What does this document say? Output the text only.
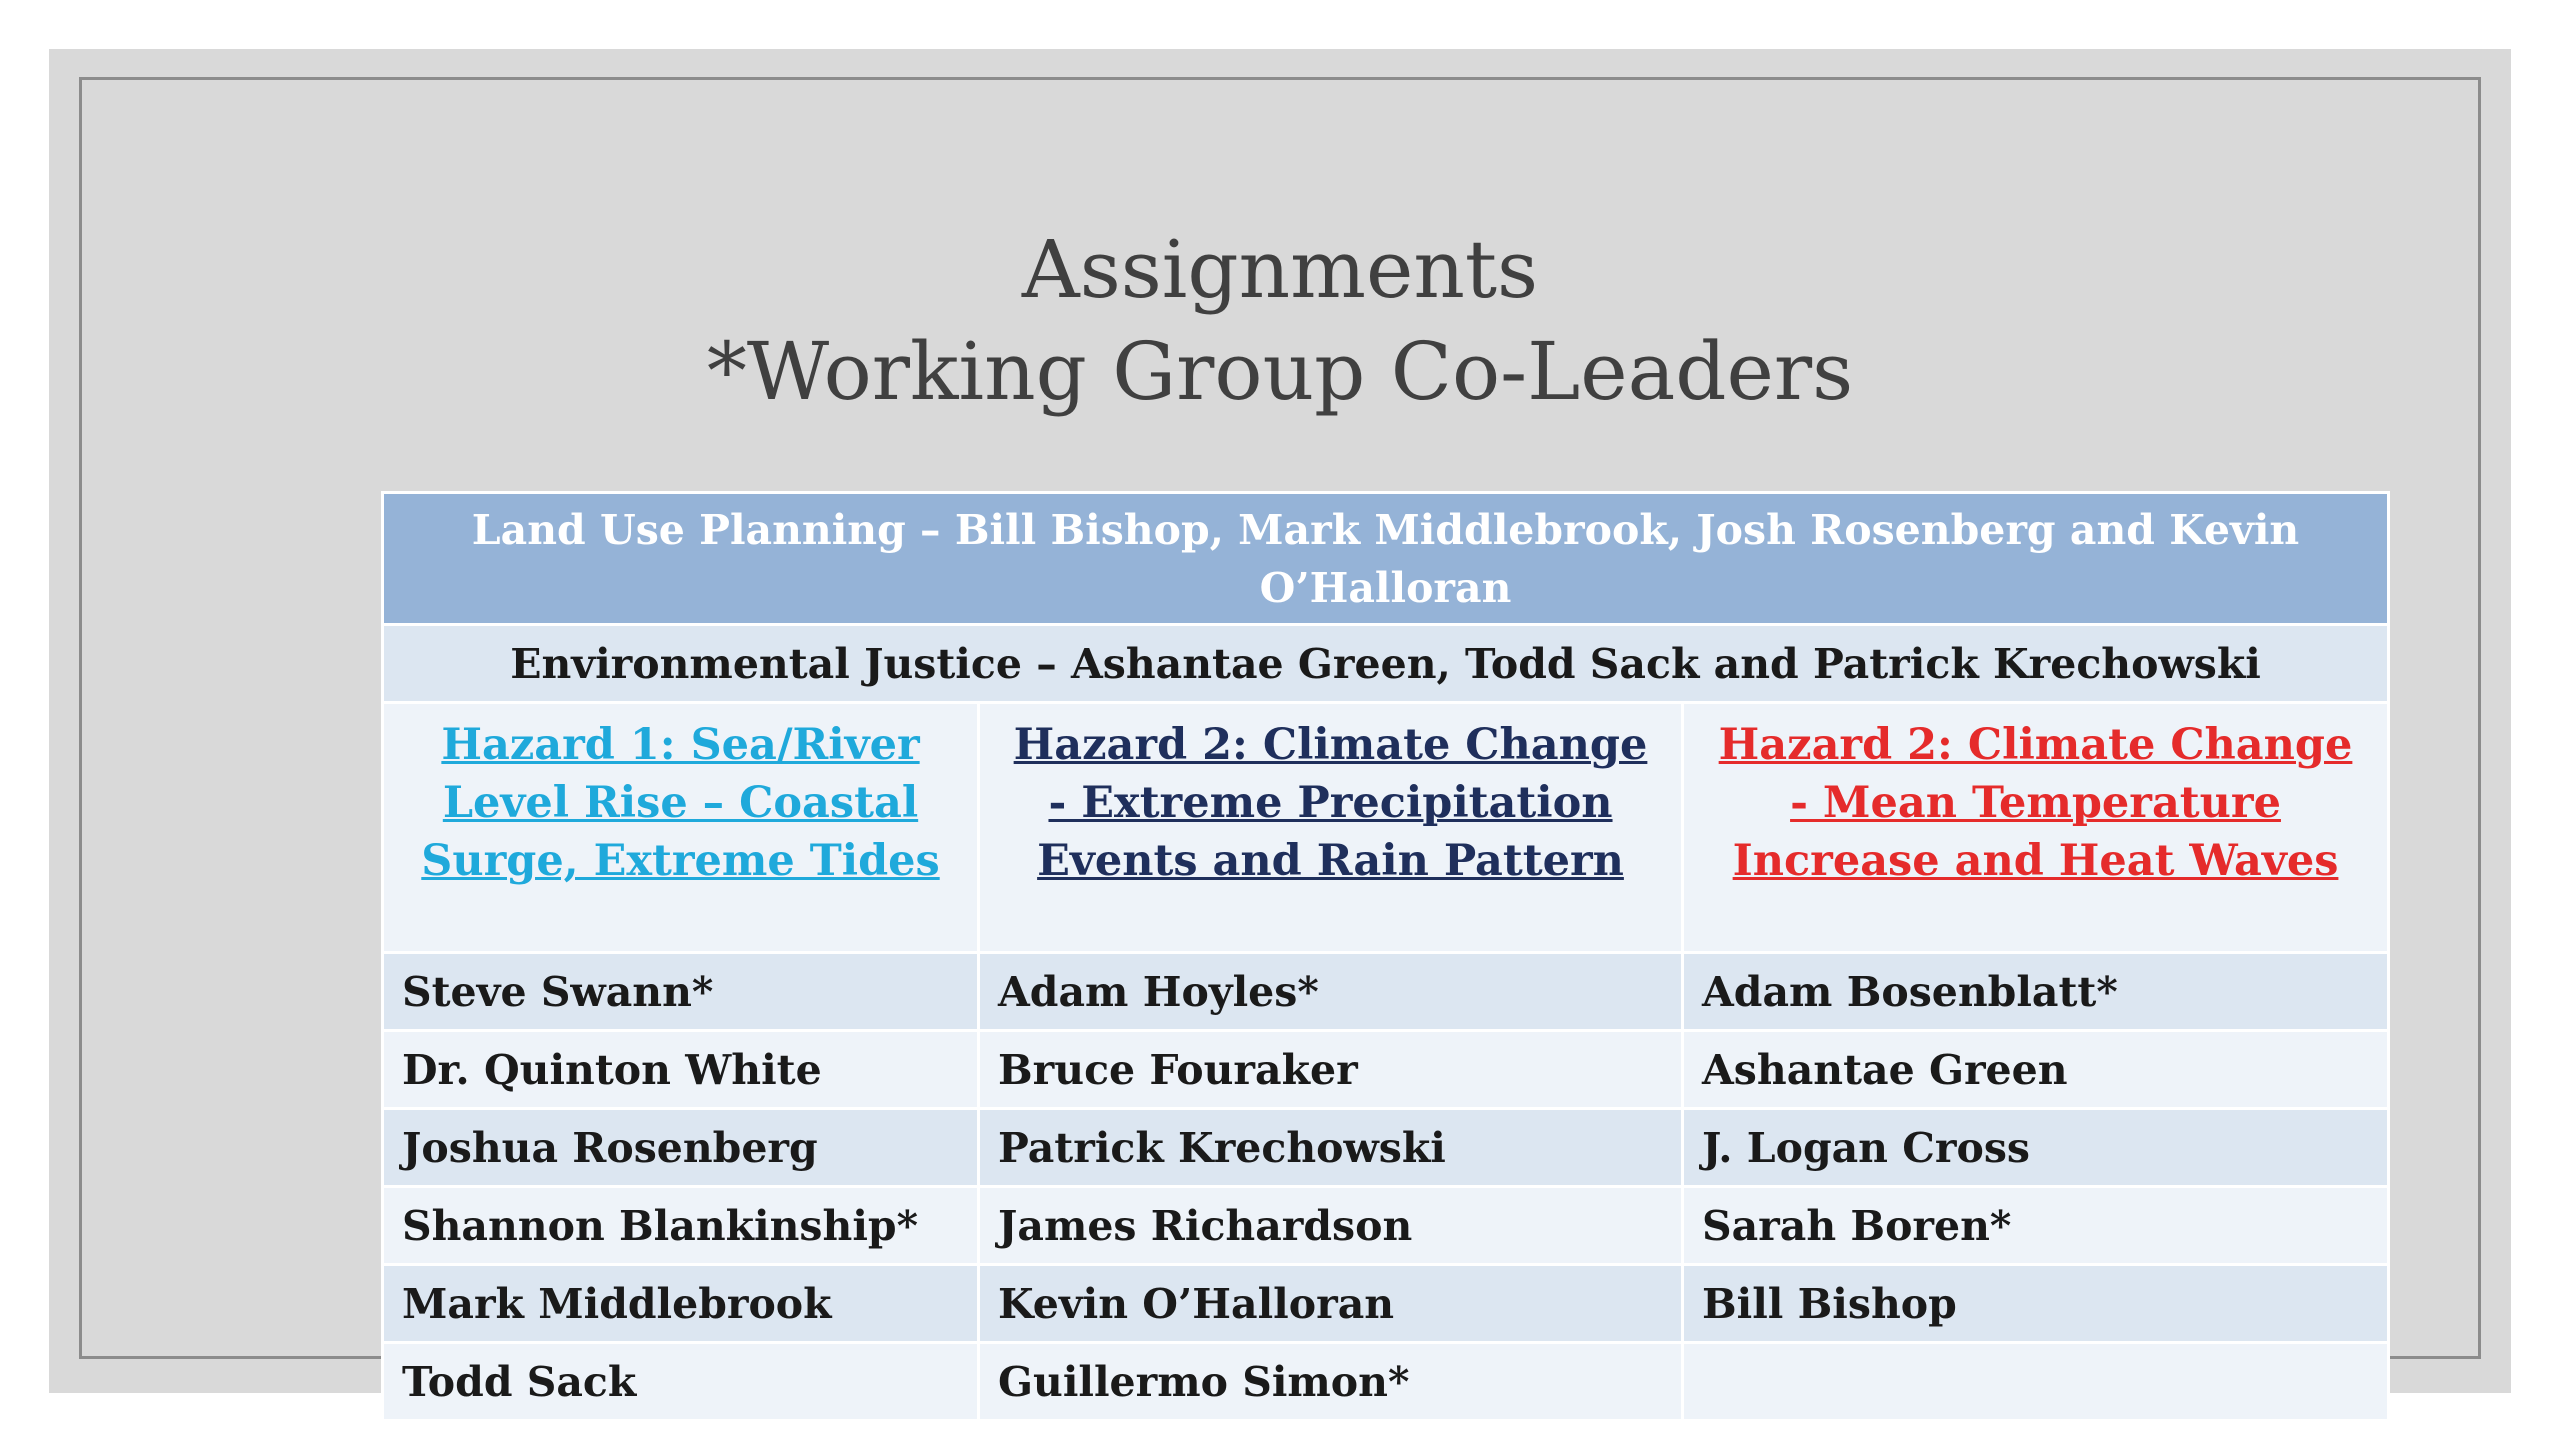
Assignments
*Working Group Co-Leaders
Land Use Planning – Bill Bishop, Mark Middlebrook, Josh Rosenberg and Kevin O’Halloran		
Environmental Justice – Ashantae Green, Todd Sack and Patrick Krechowski		
Hazard 1: Sea/River Level Rise – Coastal Surge, Extreme Tides	Hazard 2: Climate Change - Extreme Precipitation Events and Rain Pattern	Hazard 2: Climate Change - Mean Temperature Increase and Heat Waves
Steve Swann*	Adam Hoyles*	Adam Bosenblatt*
Dr. Quinton White	Bruce Fouraker	Ashantae Green
Joshua Rosenberg	Patrick Krechowski	J. Logan Cross
Shannon Blankinship*	James Richardson	Sarah Boren*
Mark Middlebrook	Kevin O’Halloran	Bill Bishop
Todd Sack	Guillermo Simon*	
